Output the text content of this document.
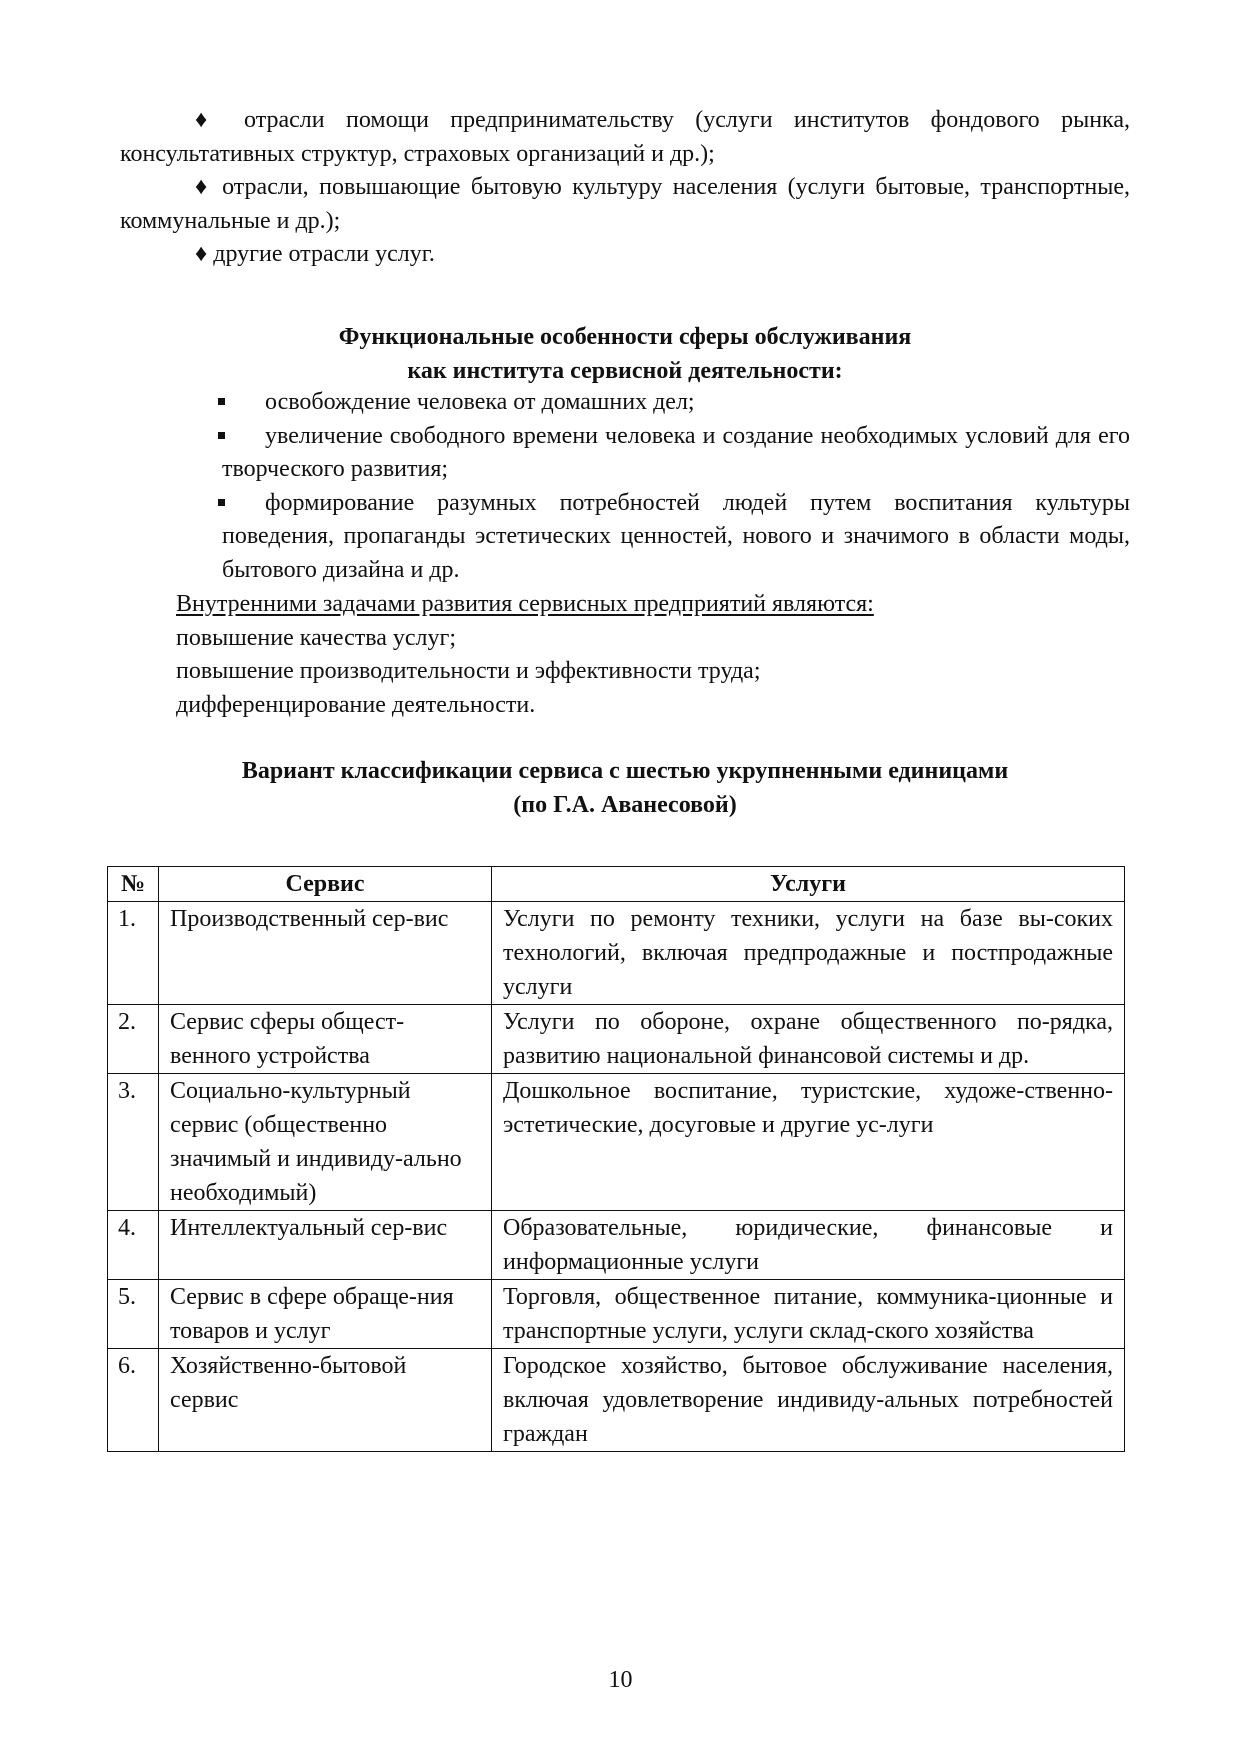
♦ отрасли помощи предпринимательству (услуги институтов фондового рынка, консультативных структур, страховых организаций и др.);

♦ отрасли, повышающие бытовую культуру населения (услуги бытовые, транспортные, коммунальные и др.);

♦ другие отрасли услуг.

Функциональные особенности сферы обслуживания
как института сервисной деятельности:
освобождение человека от домашних дел;
увеличение свободного времени человека и создание необходимых условий для его творческого развития;
формирование разумных потребностей людей путем воспитания культуры поведения, пропаганды эстетических ценностей, нового и значимого в области моды, бытового дизайна и др.
Внутренними задачами развития сервисных предприятий являются:
повышение качества услуг;
повышение производительности и эффективности труда;
дифференцирование деятельности.
Вариант классификации сервиса с шестью укрупненными единицами
(по Г.А. Аванесовой)
№	Сервис	Услуги
1.	Производственный сер-вис	Услуги по ремонту техники, услуги на базе вы-соких технологий, включая предпродажные и постпродажные услуги
2.	Сервис сферы общест-венного устройства	Услуги по обороне, охране общественного по-рядка, развитию национальной финансовой системы и др.
3.	Социально-культурный сервис (общественно значимый и индивиду-ально необходимый)	Дошкольное воспитание, туристские, художе-ственно-эстетические, досуговые и другие ус-луги
4.	Интеллектуальный сер-вис	Образовательные, юридические, финансовые и информационные услуги
5.	Сервис в сфере обраще-ния товаров и услуг	Торговля, общественное питание, коммуника-ционные и транспортные услуги, услуги склад-ского хозяйства
6.	Хозяйственно-бытовой сервис	Городское хозяйство, бытовое обслуживание населения, включая удовлетворение индивиду-альных потребностей граждан
10
